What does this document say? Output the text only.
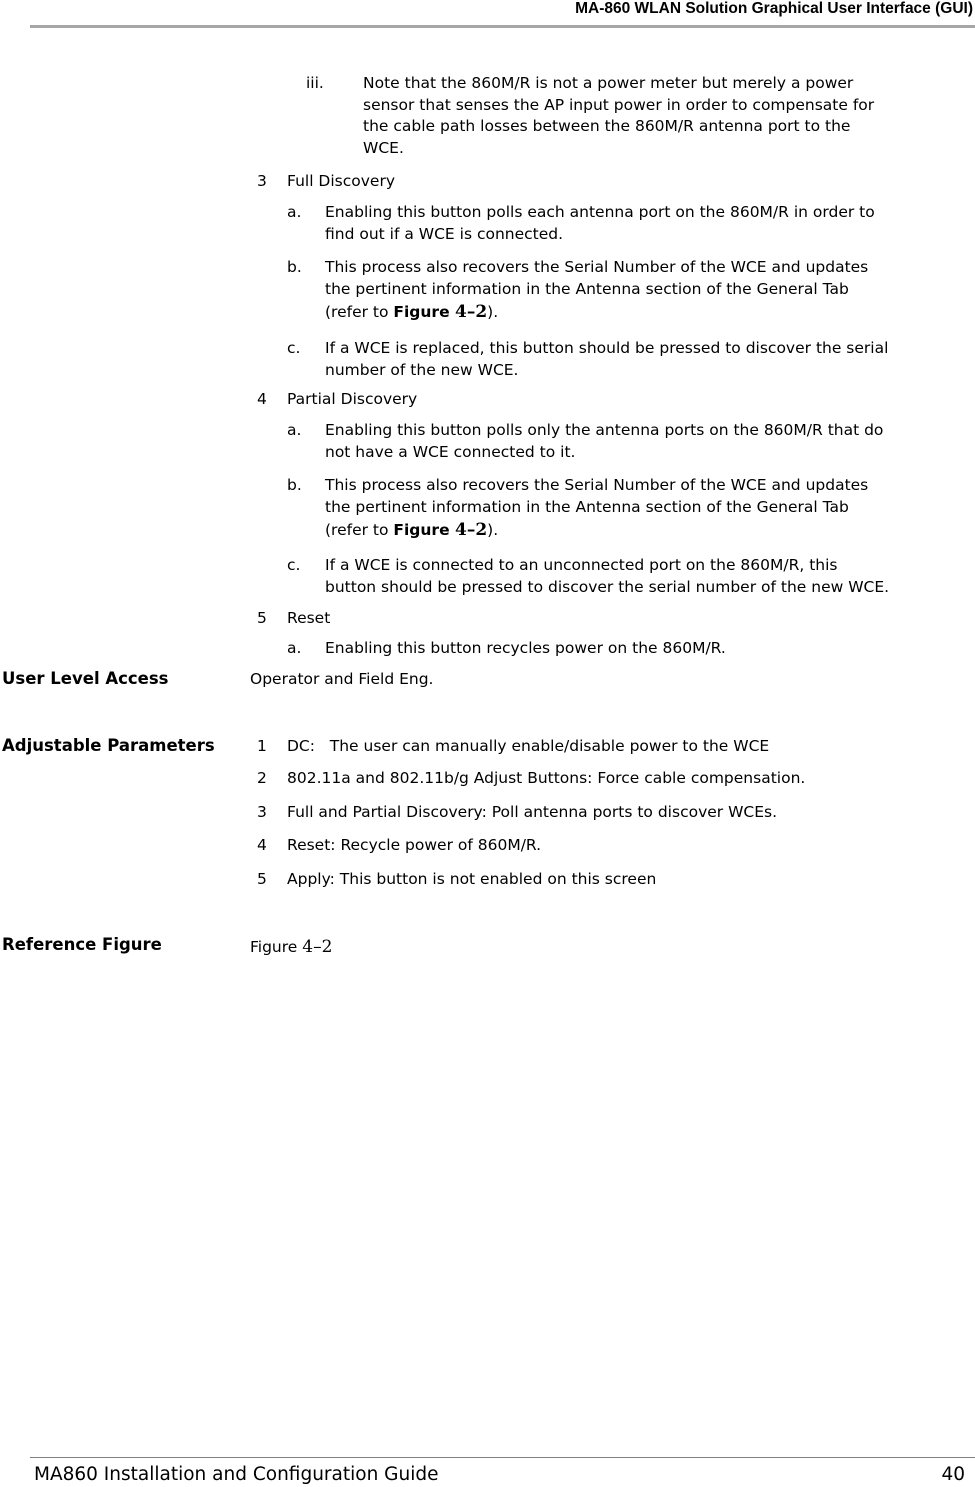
MA-860 WLAN Solution Graphical User Interface (GUI)
iii.	Note that the 860M/R is not a power meter but merely a power
sensor that senses the AP input power in order to compensate for
the cable path losses between the 860M/R antenna port to the
WCE.
3 Full Discovery
a. Enabling this button polls each antenna port on the 860M/R in order to
find out if a WCE is connected.
b. This process also recovers the Serial Number of the WCE and updates
the pertinent information in the Antenna section of the General Tab
(refer to Figure 4–2).
c. If a WCE is replaced, this button should be pressed to discover the serial
number of the new WCE.
4 Partial Discovery
a. Enabling this button polls only the antenna ports on the 860M/R that do
not have a WCE connected to it.
b. This process also recovers the Serial Number of the WCE and updates
the pertinent information in the Antenna section of the General Tab
(refer to Figure 4–2).
c. If a WCE is connected to an unconnected port on the 860M/R, this
button should be pressed to discover the serial number of the new WCE.
5 Reset
a. Enabling this button recycles power on the 860M/R.
User Level Access	Operator and Field Eng.
Adjustable Parameters	1 DC:   The user can manually enable/disable power to the WCE
2 802.11a and 802.11b/g Adjust Buttons: Force cable compensation.
3 Full and Partial Discovery: Poll antenna ports to discover WCEs.
4 Reset: Recycle power of 860M/R.
5 Apply: This button is not enabled on this screen
Reference Figure	Figure 4–2
MA860 Installation and Configuration Guide	40
